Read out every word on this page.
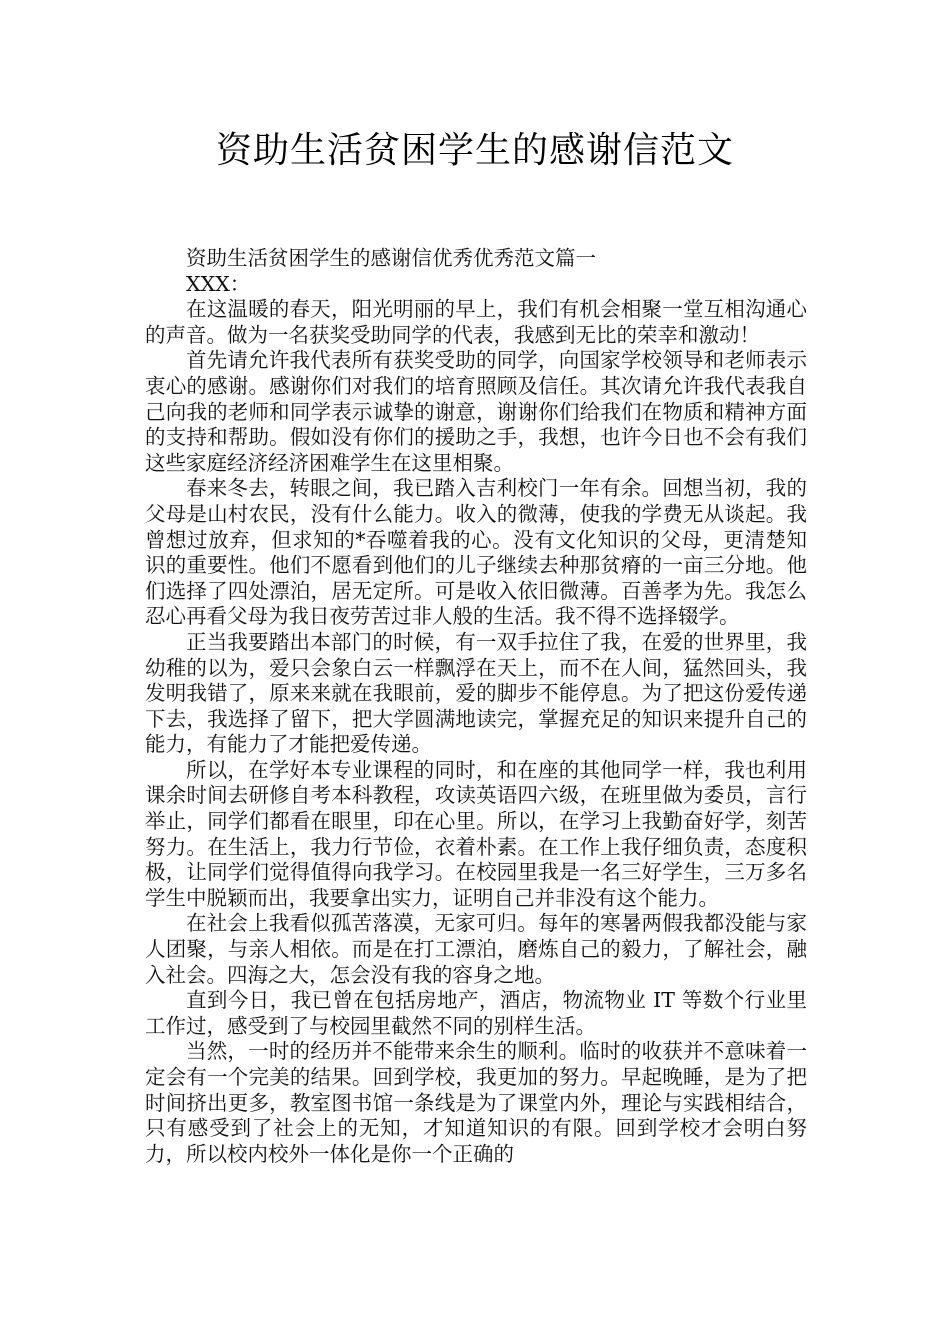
资助生活贫困学生的感谢信范文

资助生活贫困学生的感谢信优秀优秀范文篇一

XXX：

在这温暖的春天，阳光明丽的早上，我们有机会相聚一堂互相沟通心的声音。做为一名获奖受助同学的代表，我感到无比的荣幸和激动！

首先请允许我代表所有获奖受助的同学，向国家学校领导和老师表示衷心的感谢。感谢你们对我们的培育照顾及信任。其次请允许我代表我自己向我的老师和同学表示诚挚的谢意，谢谢你们给我们在物质和精神方面的支持和帮助。假如没有你们的援助之手，我想，也许今日也不会有我们这些家庭经济经济困难学生在这里相聚。

春来冬去，转眼之间，我已踏入吉利校门一年有余。回想当初，我的父母是山村农民，没有什么能力。收入的微薄，使我的学费无从谈起。我曾想过放弃，但求知的*吞噬着我的心。没有文化知识的父母，更清楚知识的重要性。他们不愿看到他们的儿子继续去种那贫瘠的一亩三分地。他们选择了四处漂泊，居无定所。可是收入依旧微薄。百善孝为先。我怎么忍心再看父母为我日夜劳苦过非人般的生活。我不得不选择辍学。

正当我要踏出本部门的时候，有一双手拉住了我，在爱的世界里，我幼稚的以为，爱只会象白云一样飘浮在天上，而不在人间，猛然回头，我发明我错了，原来来就在我眼前，爱的脚步不能停息。为了把这份爱传递下去，我选择了留下，把大学圆满地读完，掌握充足的知识来提升自己的能力，有能力了才能把爱传递。

所以，在学好本专业课程的同时，和在座的其他同学一样，我也利用课余时间去研修自考本科教程，攻读英语四六级，在班里做为委员，言行举止，同学们都看在眼里，印在心里。所以，在学习上我勤奋好学，刻苦努力。在生活上，我力行节俭，衣着朴素。在工作上我仔细负责，态度积极，让同学们觉得值得向我学习。在校园里我是一名三好学生，三万多名学生中脱颖而出，我要拿出实力，证明自己并非没有这个能力。

在社会上我看似孤苦落漠，无家可归。每年的寒暑两假我都没能与家人团聚，与亲人相依。而是在打工漂泊，磨炼自己的毅力，了解社会，融入社会。四海之大，怎会没有我的容身之地。

直到今日，我已曾在包括房地产，酒店，物流物业 IT 等数个行业里工作过，感受到了与校园里截然不同的别样生活。

当然，一时的经历并不能带来余生的顺利。临时的收获并不意味着一定会有一个完美的结果。回到学校，我更加的努力。早起晚睡，是为了把时间挤出更多，教室图书馆一条线是为了课堂内外，理论与实践相结合，只有感受到了社会上的无知，才知道知识的有限。回到学校才会明白努力，所以校内校外一体化是你一个正确的
